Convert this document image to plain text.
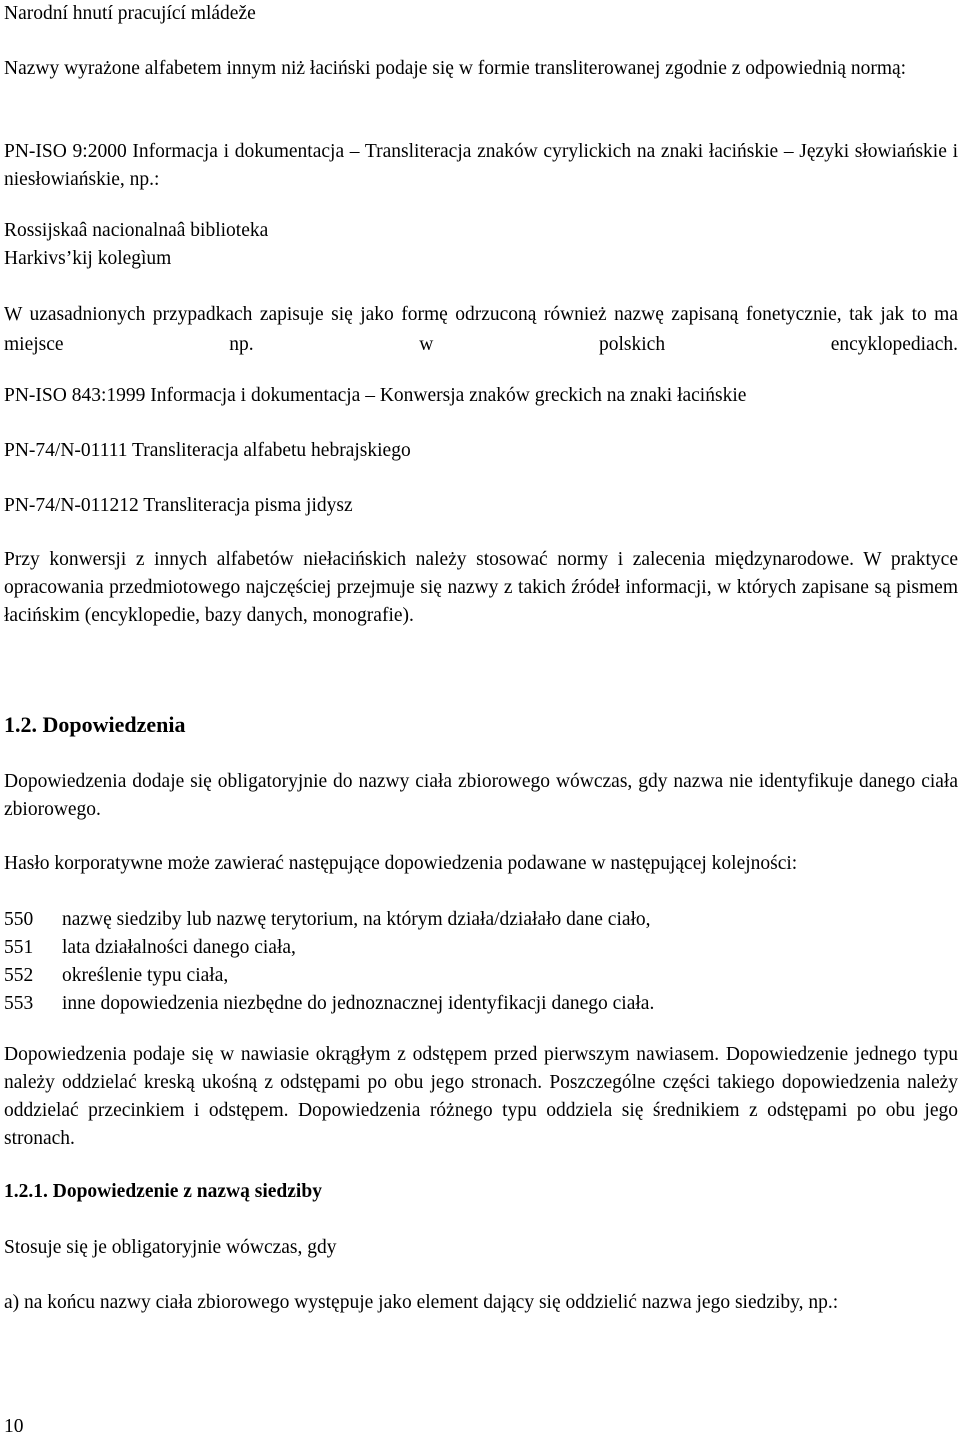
Narodní hnutí pracující mládeže

Nazwy wyrażone alfabetem innym niż łaciński podaje się w formie transliterowanej zgodnie z odpowiednią normą:

PN-ISO 9:2000 Informacja i dokumentacja – Transliteracja znaków cyrylickich na znaki łacińskie – Języki słowiańskie i niesłowiańskie, np.:

Rossijskaâ nacionalnaâ biblioteka
Harkivs’kij kolegìum

W uzasadnionych przypadkach zapisuje się jako formę odrzuconą również nazwę zapisaną fonetycznie, tak jak to ma miejsce np. w polskich encyklopediach.

PN-ISO 843:1999 Informacja i dokumentacja – Konwersja znaków greckich na znaki łacińskie

PN-74/N-01111 Transliteracja alfabetu hebrajskiego

PN-74/N-011212 Transliteracja pisma jidysz

Przy konwersji z innych alfabetów niełacińskich należy stosować normy i zalecenia międzynarodowe. W praktyce opracowania przedmiotowego najczęściej przejmuje się nazwy z takich źródeł informacji, w których zapisane są pismem łacińskim (encyklopedie, bazy danych, monografie).

1.2. Dopowiedzenia

Dopowiedzenia dodaje się obligatoryjnie do nazwy ciała zbiorowego wówczas, gdy nazwa nie identyfikuje danego ciała zbiorowego.

Hasło korporatywne może zawierać następujące dopowiedzenia podawane w następującej kolejności:

550 nazwę siedziby lub nazwę terytorium, na którym działa/działało dane ciało,
551 lata działalności danego ciała,
552 określenie typu ciała,
553 inne dopowiedzenia niezbędne do jednoznacznej identyfikacji danego ciała.

Dopowiedzenia podaje się w nawiasie okrągłym z odstępem przed pierwszym nawiasem. Dopowiedzenie jednego typu należy oddzielać kreską ukośną z odstępami po obu jego stronach. Poszczególne części takiego dopowiedzenia należy oddzielać przecinkiem i odstępem. Dopowiedzenia różnego typu oddziela się średnikiem z odstępami po obu jego stronach.

1.2.1. Dopowiedzenie z nazwą siedziby

Stosuje się je obligatoryjnie wówczas, gdy

a) na końcu nazwy ciała zbiorowego występuje jako element dający się oddzielić nazwa jego siedziby, np.:

10
